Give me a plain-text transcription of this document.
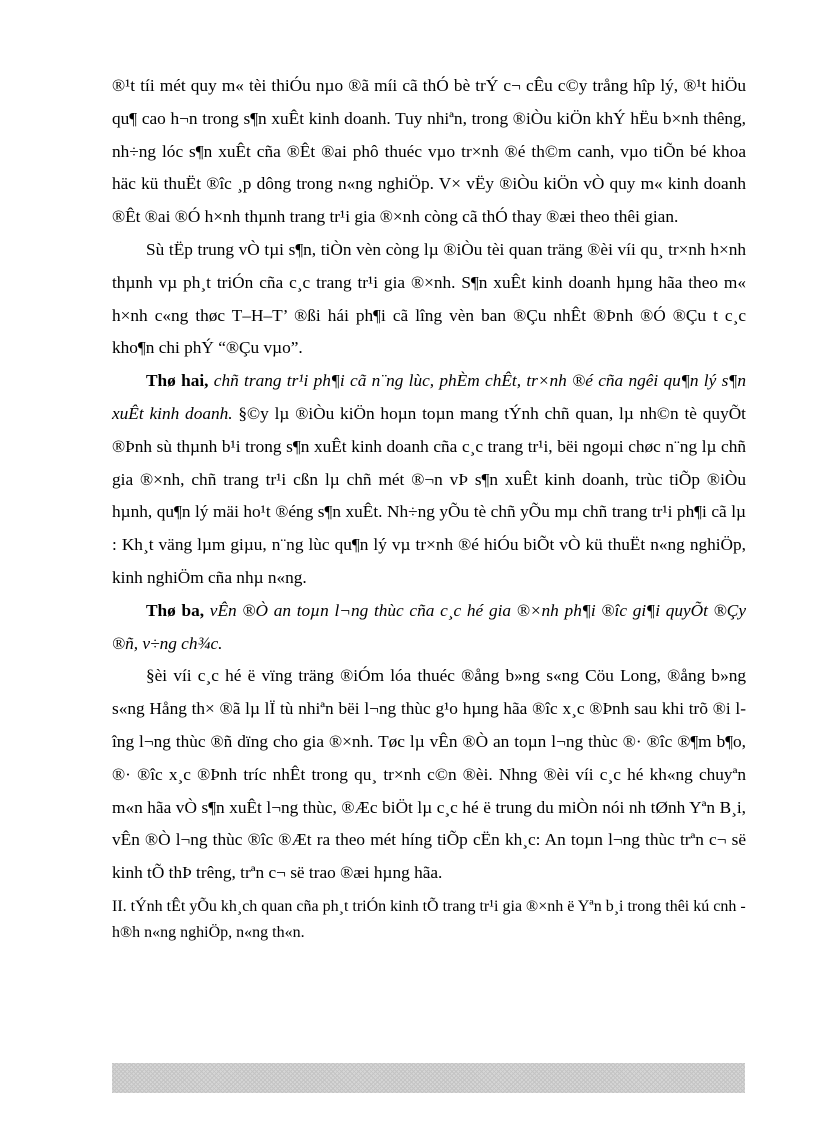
®¹t tíi mét quy m« tèi thiÓu nµo ®ã míi cã thÓ bè trÝ c¬ cÊu c©y trång hîp lý, ®¹t hiÖu qu¶ cao h¬n trong s¶n xuÊt kinh doanh. Tuy nhiªn, trong ®iÒu kiÖn khÝ hËu b×nh thêng, nh÷ng lóc s¶n xuÊt cña ®Êt ®ai phô thuéc vµo tr×nh ®é th©m canh, vµo tiÕn bé khoa häc kü thuËt ®îc ¸p dông trong n«ng nghiÖp. V× vËy ®iÒu kiÖn vÒ quy m« kinh doanh ®Êt ®ai ®Ó h×nh thµnh trang tr¹i gia ®×nh còng cã thÓ thay ®æi theo thêi gian.

Sù tËp trung vÒ tµi s¶n, tiÒn vèn còng lµ ®iÒu tèi quan träng ®èi víi qu¸ tr×nh h×nh thµnh vµ ph¸t triÓn cña c¸c trang tr¹i gia ®×nh. S¶n xuÊt kinh doanh hµng hãa theo m« h×nh c«ng thøc T–H–T’ ®ßi hái ph¶i cã lîng vèn ban ®Çu nhÊt ®Þnh ®Ó ®Çu t c¸c kho¶n chi phÝ “®Çu vµo”.

Thø hai, chñ trang tr¹i ph¶i cã n¨ng lùc, phÈm chÊt, tr×nh ®é cña ngêi qu¶n lý s¶n xuÊt kinh doanh. §©y lµ ®iÒu kiÖn hoµn toµn mang tÝnh chñ quan, lµ nh©n tè quyÕt ®Þnh sù thµnh b¹i trong s¶n xuÊt kinh doanh cña c¸c trang tr¹i, bëi ngoµi chøc n¨ng lµ chñ gia ®×nh, chñ trang tr¹i cßn lµ chñ mét ®¬n vÞ s¶n xuÊt kinh doanh, trùc tiÕp ®iÒu hµnh, qu¶n lý mäi ho¹t ®éng s¶n xuÊt. Nh÷ng yÕu tè chñ yÕu mµ chñ trang tr¹i ph¶i cã lµ : Kh¸t väng lµm giµu, n¨ng lùc qu¶n lý vµ tr×nh ®é hiÓu biÕt vÒ kü thuËt n«ng nghiÖp, kinh nghiÖm cña nhµ n«ng.

Thø ba, vÊn ®Ò an toµn l¬ng thùc cña c¸c hé gia ®×nh ph¶i ®îc gi¶i quyÕt ®Çy ®ñ, v÷ng ch¾c.

§èi víi c¸c hé ë vïng träng ®iÓm lóa thuéc ®ång b»ng s«ng Cöu Long, ®ång b»ng s«ng Hång th× ®ã lµ lÏ tù nhiªn bëi l¬ng thùc g¹o hµng hãa ®îc x¸c ®Þnh sau khi trõ ®i lîng l¬ng thùc ®ñ dïng cho gia ®×nh. Tøc lµ vÊn ®Ò an toµn l¬ng thùc ®· ®îc ®¶m b¶o, ®· ®îc x¸c ®Þnh tríc nhÊt trong qu¸ tr×nh c©n ®èi. Nhng ®èi víi c¸c hé kh«ng chuyªn m«n hãa vÒ s¶n xuÊt l¬ng thùc, ®Æc biÖt lµ c¸c hé ë trung du miÒn nói nh tØnh Yªn B¸i, vÊn ®Ò l¬ng thùc ®îc ®Æt ra theo mét híng tiÕp cËn kh¸c: An toµn l¬ng thùc trªn c¬ së kinh tÕ thÞ trêng, trªn c¬ së trao ®æi hµng hãa.

II. tÝnh tÊt yÕu kh¸ch quan cña ph¸t triÓn kinh tÕ trang tr¹i gia ®×nh ë Yªn b¸i trong thêi kú cnh - h®h n«ng nghiÖp, n«ng th«n.
